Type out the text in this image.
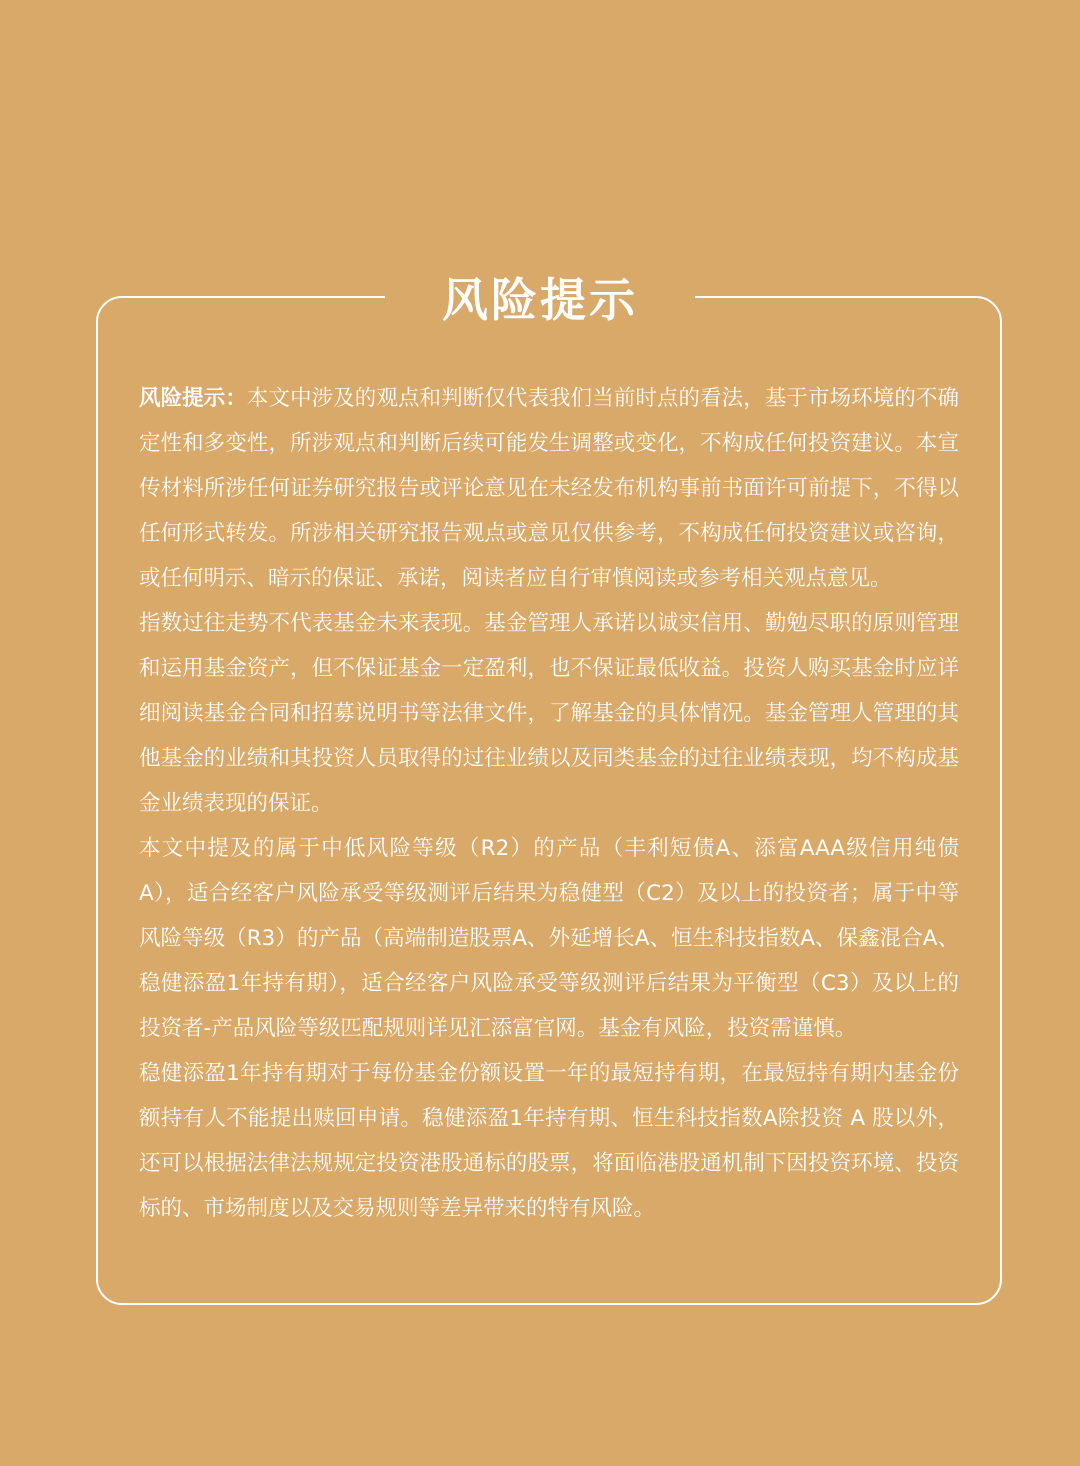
风险提示

风险提示：本文中涉及的观点和判断仅代表我们当前时点的看法，基于市场环境的不确定性和多变性，所涉观点和判断后续可能发生调整或变化，不构成任何投资建议。本宣传材料所涉任何证券研究报告或评论意见在未经发布机构事前书面许可前提下，不得以任何形式转发。所涉相关研究报告观点或意见仅供参考，不构成任何投资建议或咨询，或任何明示、暗示的保证、承诺，阅读者应自行审慎阅读或参考相关观点意见。

指数过往走势不代表基金未来表现。基金管理人承诺以诚实信用、勤勉尽职的原则管理和运用基金资产，但不保证基金一定盈利，也不保证最低收益。投资人购买基金时应详细阅读基金合同和招募说明书等法律文件，了解基金的具体情况。基金管理人管理的其他基金的业绩和其投资人员取得的过往业绩以及同类基金的过往业绩表现，均不构成基金业绩表现的保证。

本文中提及的属于中低风险等级（R2）的产品（丰利短债A、添富AAA级信用纯债A），适合经客户风险承受等级测评后结果为稳健型（C2）及以上的投资者；属于中等风险等级（R3）的产品（高端制造股票A、外延增长A、恒生科技指数A、保鑫混合A、稳健添盈1年持有期），适合经客户风险承受等级测评后结果为平衡型（C3）及以上的投资者-产品风险等级匹配规则详见汇添富官网。基金有风险，投资需谨慎。

稳健添盈1年持有期对于每份基金份额设置一年的最短持有期，在最短持有期内基金份额持有人不能提出赎回申请。稳健添盈1年持有期、恒生科技指数A除投资 A 股以外，还可以根据法律法规规定投资港股通标的股票，将面临港股通机制下因投资环境、投资标的、市场制度以及交易规则等差异带来的特有风险。
